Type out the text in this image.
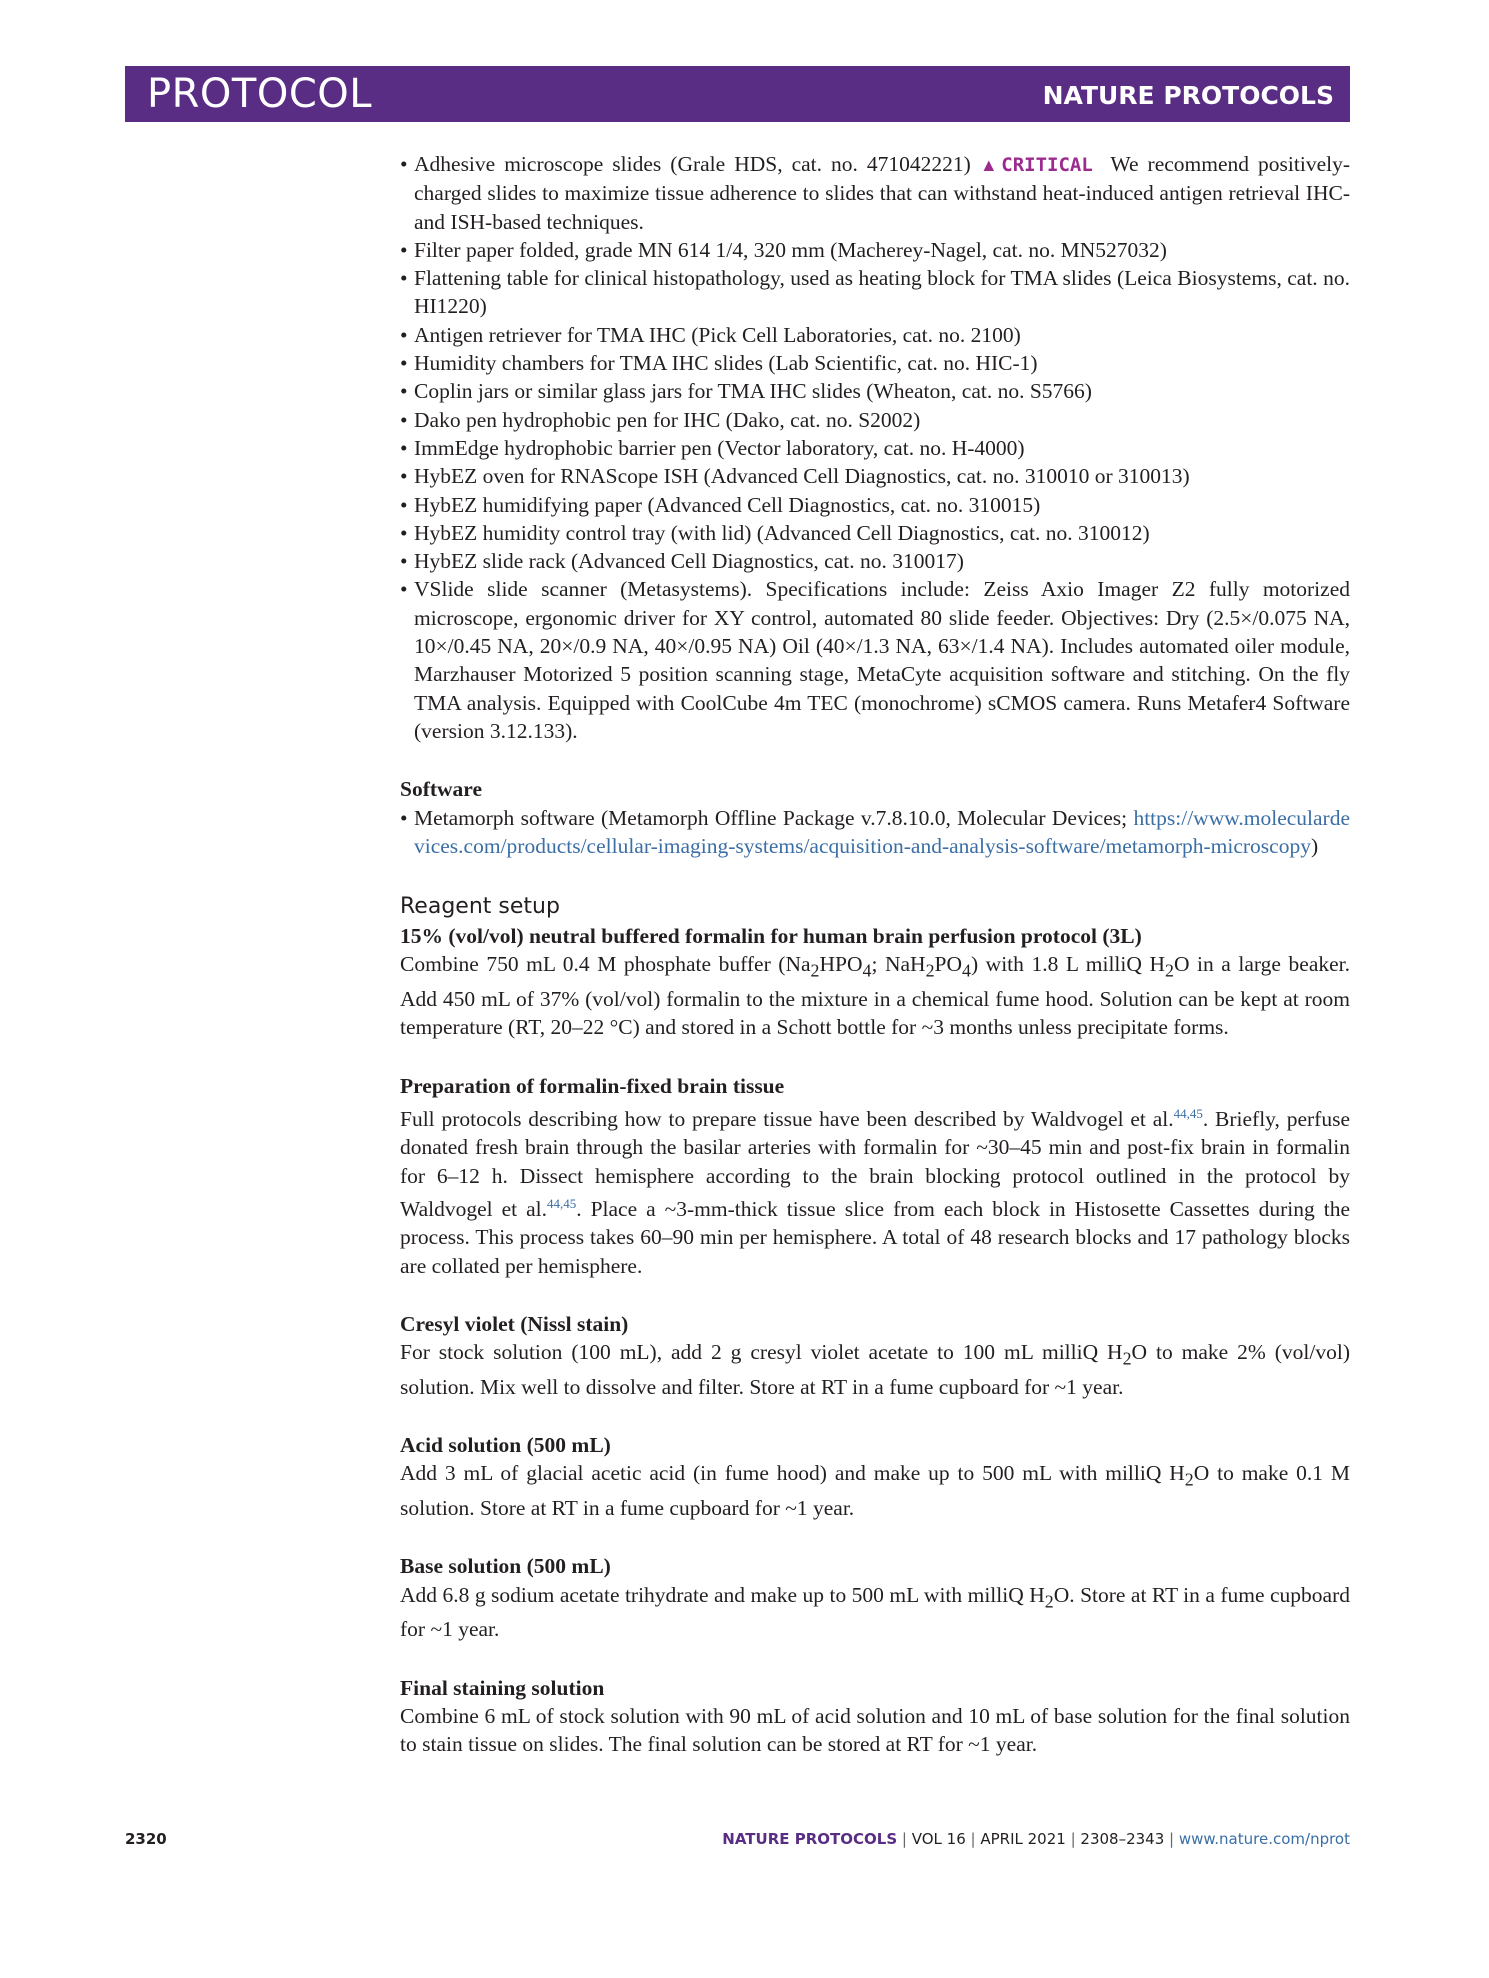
PROTOCOL	NATURE PROTOCOLS
• Adhesive microscope slides (Grale HDS, cat. no. 471042221) ▲CRITICAL We recommend positively-charged slides to maximize tissue adherence to slides that can withstand heat-induced antigen retrieval IHC- and ISH-based techniques.
• Filter paper folded, grade MN 614 1/4, 320 mm (Macherey-Nagel, cat. no. MN527032)
• Flattening table for clinical histopathology, used as heating block for TMA slides (Leica Biosystems, cat. no. HI1220)
• Antigen retriever for TMA IHC (Pick Cell Laboratories, cat. no. 2100)
• Humidity chambers for TMA IHC slides (Lab Scientific, cat. no. HIC-1)
• Coplin jars or similar glass jars for TMA IHC slides (Wheaton, cat. no. S5766)
• Dako pen hydrophobic pen for IHC (Dako, cat. no. S2002)
• ImmEdge hydrophobic barrier pen (Vector laboratory, cat. no. H-4000)
• HybEZ oven for RNAScope ISH (Advanced Cell Diagnostics, cat. no. 310010 or 310013)
• HybEZ humidifying paper (Advanced Cell Diagnostics, cat. no. 310015)
• HybEZ humidity control tray (with lid) (Advanced Cell Diagnostics, cat. no. 310012)
• HybEZ slide rack (Advanced Cell Diagnostics, cat. no. 310017)
• VSlide slide scanner (Metasystems). Specifications include: Zeiss Axio Imager Z2 fully motorized microscope, ergonomic driver for XY control, automated 80 slide feeder. Objectives: Dry (2.5×/0.075 NA, 10×/0.45 NA, 20×/0.9 NA, 40×/0.95 NA) Oil (40×/1.3 NA, 63×/1.4 NA). Includes automated oiler module, Marzhauser Motorized 5 position scanning stage, MetaCyte acquisition software and stitching. On the fly TMA analysis. Equipped with CoolCube 4m TEC (monochrome) sCMOS camera. Runs Metafer4 Software (version 3.12.133).
Software
• Metamorph software (Metamorph Offline Package v.7.8.10.0, Molecular Devices; https://www.moleculardevices.com/products/cellular-imaging-systems/acquisition-and-analysis-software/metamorph-microscopy)
Reagent setup
15% (vol/vol) neutral buffered formalin for human brain perfusion protocol (3L)
Combine 750 mL 0.4 M phosphate buffer ($Na_2HPO_4$; $NaH_2PO_4$) with 1.8 L milliQ $H_2O$ in a large beaker. Add 450 mL of 37% (vol/vol) formalin to the mixture in a chemical fume hood. Solution can be kept at room temperature (RT, 20–22 °C) and stored in a Schott bottle for ~3 months unless precipitate forms.
Preparation of formalin-fixed brain tissue
Full protocols describing how to prepare tissue have been described by Waldvogel et al.$^{44,45}$. Briefly, perfuse donated fresh brain through the basilar arteries with formalin for ~30–45 min and post-fix brain in formalin for 6–12 h. Dissect hemisphere according to the brain blocking protocol outlined in the protocol by Waldvogel et al.$^{44,45}$. Place a ~3-mm-thick tissue slice from each block in Histosette Cassettes during the process. This process takes 60–90 min per hemisphere. A total of 48 research blocks and 17 pathology blocks are collated per hemisphere.
Cresyl violet (Nissl stain)
For stock solution (100 mL), add 2 g cresyl violet acetate to 100 mL milliQ $H_2O$ to make 2% (vol/vol) solution. Mix well to dissolve and filter. Store at RT in a fume cupboard for ~1 year.
Acid solution (500 mL)
Add 3 mL of glacial acetic acid (in fume hood) and make up to 500 mL with milliQ $H_2O$ to make 0.1 M solution. Store at RT in a fume cupboard for ~1 year.
Base solution (500 mL)
Add 6.8 g sodium acetate trihydrate and make up to 500 mL with milliQ $H_2O$. Store at RT in a fume cupboard for ~1 year.
Final staining solution
Combine 6 mL of stock solution with 90 mL of acid solution and 10 mL of base solution for the final solution to stain tissue on slides. The final solution can be stored at RT for ~1 year.
2320	NATURE PROTOCOLS | VOL 16 | APRIL 2021 | 2308–2343 | www.nature.com/nprot
